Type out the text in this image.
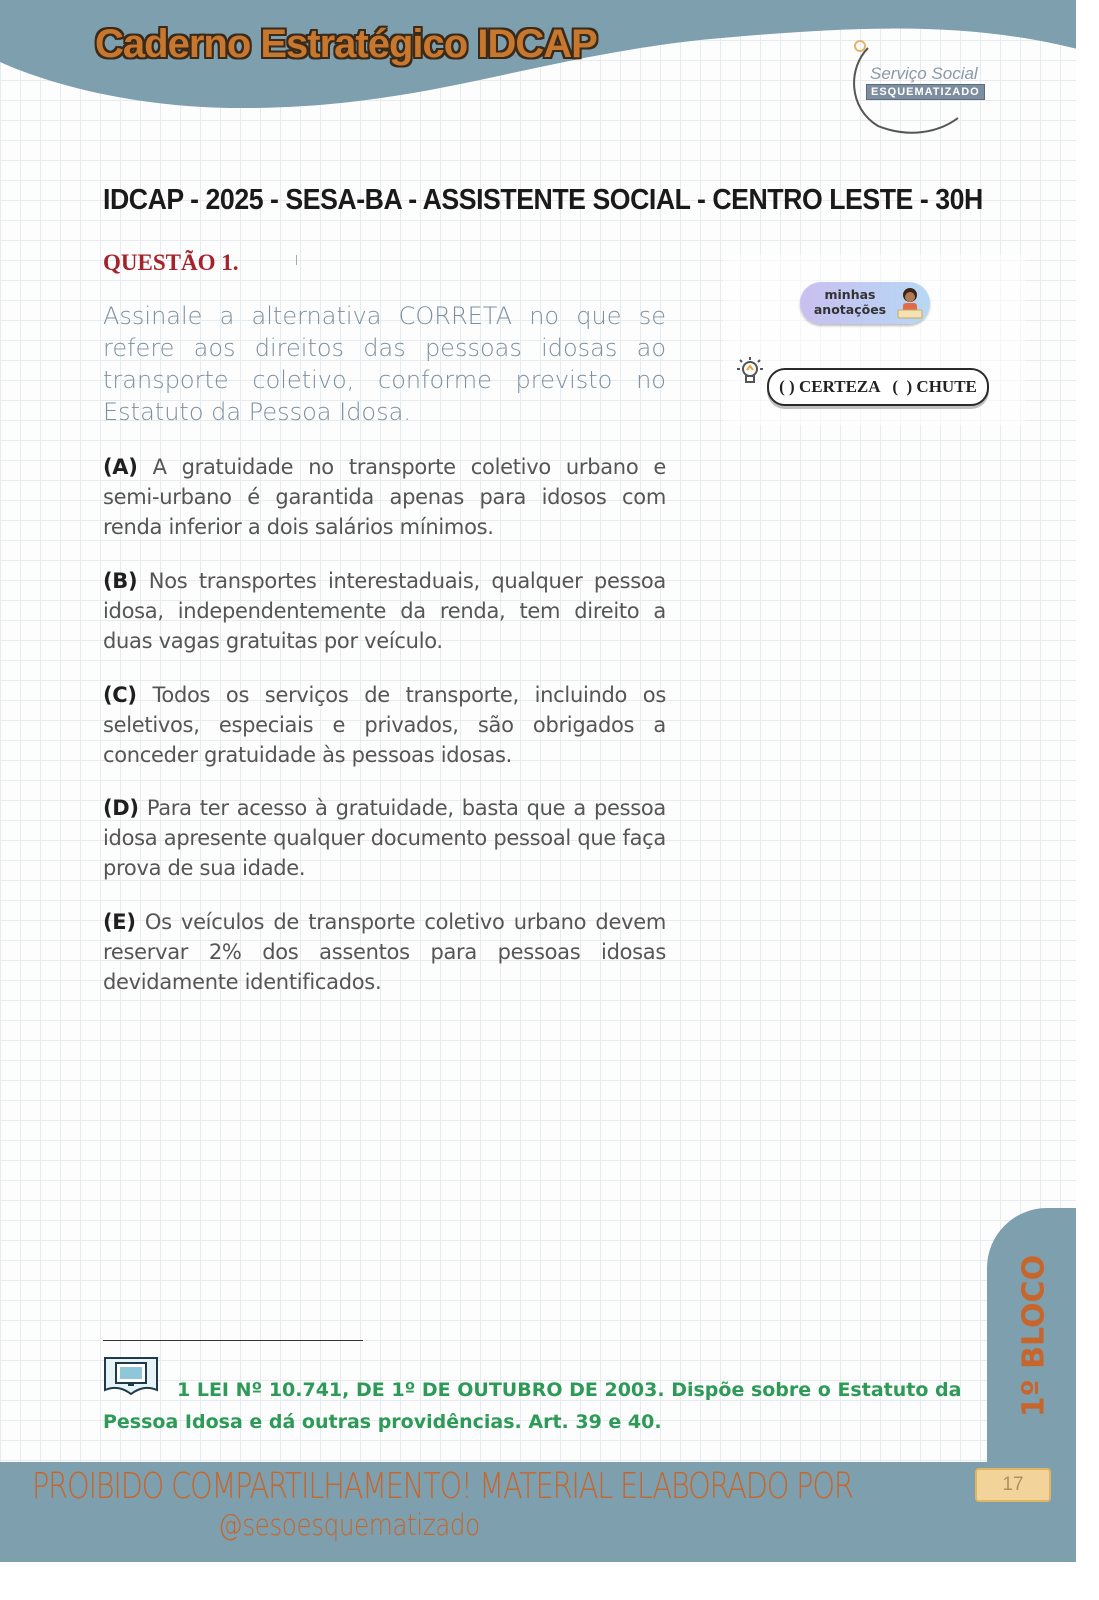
Caderno Estratégico IDCAP
Serviço Social
ESQUEMATIZADO
IDCAP - 2025 - SESA-BA - ASSISTENTE SOCIAL - CENTRO LESTE - 30H
QUESTÃO 1.

Assinale a alternativa CORRETA no que se refere aos direitos das pessoas idosas ao transporte coletivo, conforme previsto no Estatuto da Pessoa Idosa.

(A) A gratuidade no transporte coletivo urbano e semi-urbano é garantida apenas para idosos com renda inferior a dois salários mínimos.

(B) Nos transportes interestaduais, qualquer pessoa idosa, independentemente da renda, tem direito a duas vagas gratuitas por veículo.

(C) Todos os serviços de transporte, incluindo os seletivos, especiais e privados, são obrigados a conceder gratuidade às pessoas idosas.

(D) Para ter acesso à gratuidade, basta que a pessoa idosa apresente qualquer documento pessoal que faça prova de sua idade.

(E) Os veículos de transporte coletivo urbano devem reservar 2% dos assentos para pessoas idosas devidamente identificados.

minhas anotações
( ) CERTEZA   (  ) CHUTE

1 LEI Nº 10.741, DE 1º DE OUTUBRO DE 2003. Dispõe sobre o Estatuto da Pessoa Idosa e dá outras providências. Art. 39 e 40.

1º BLOCO

PROIBIDO COMPARTILHAMENTO! MATERIAL ELABORADO POR

@sesoesquematizado

17
